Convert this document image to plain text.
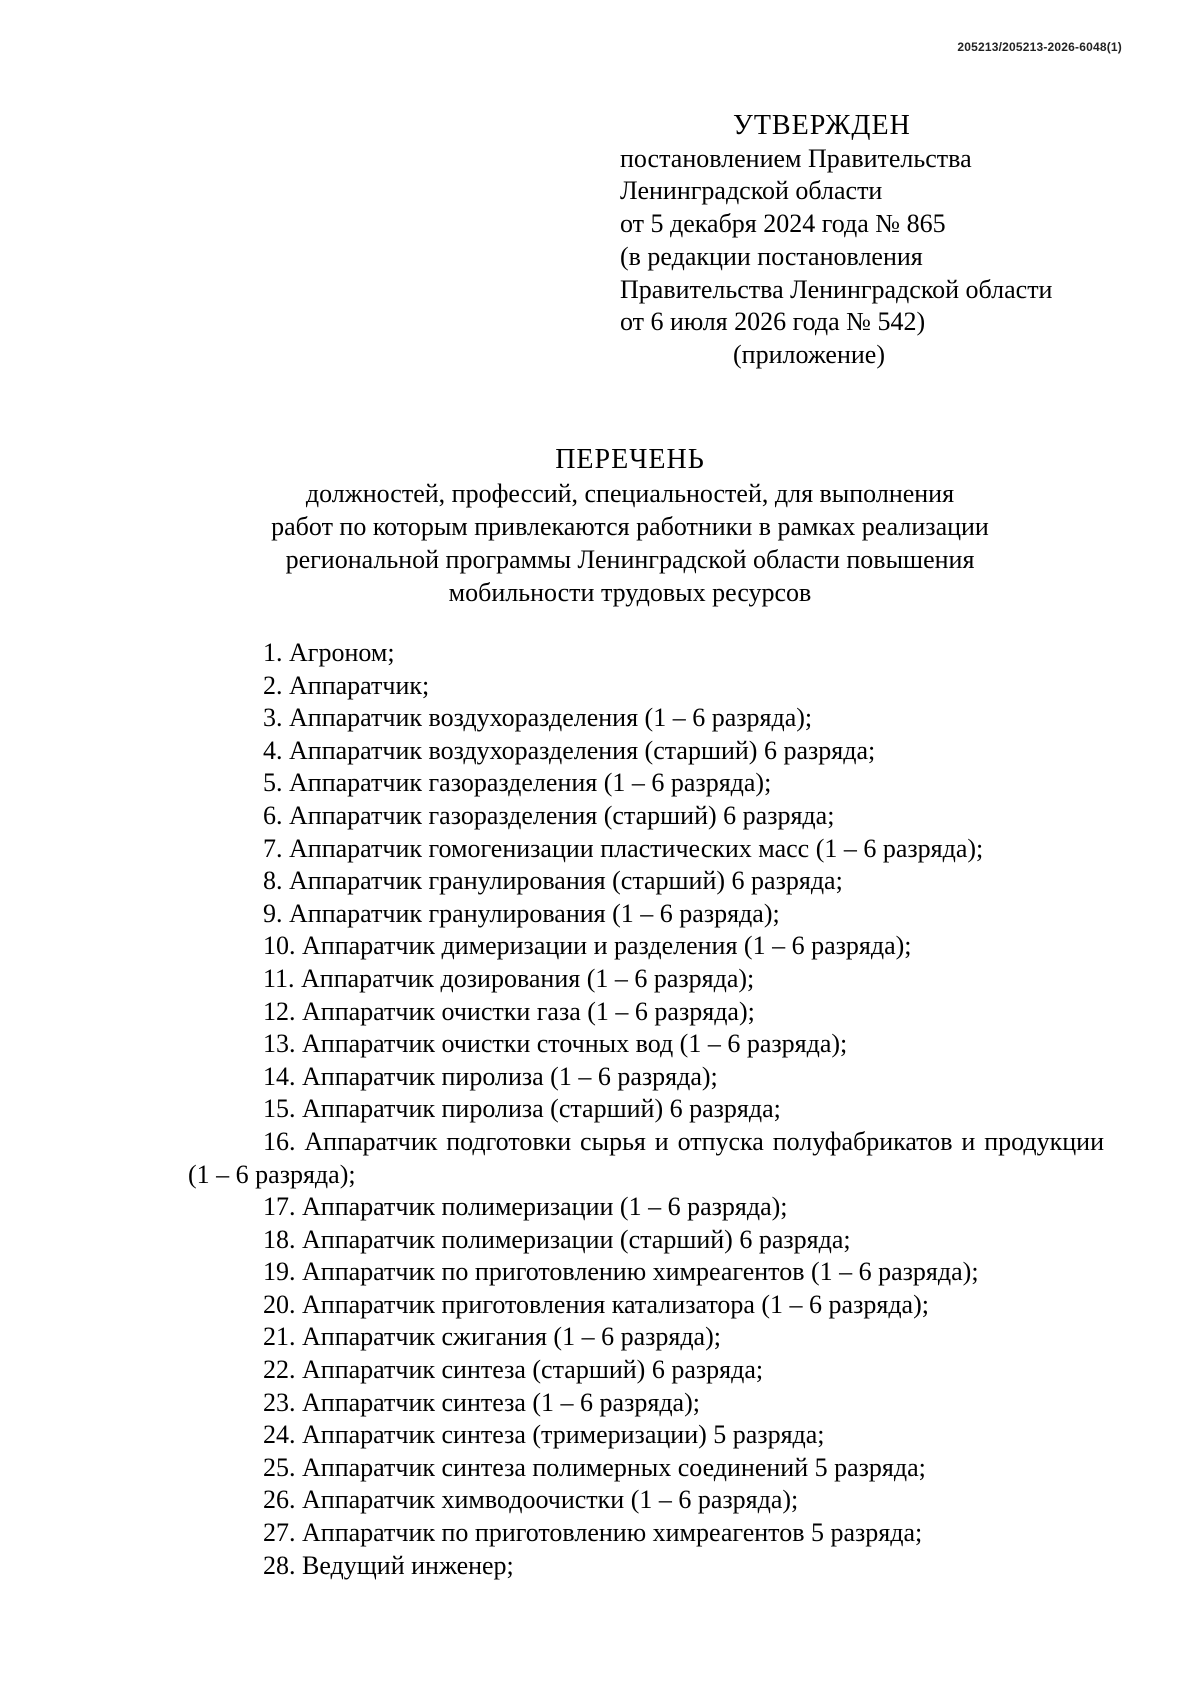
205213/205213-2026-6048(1)
УТВЕРЖДЕН
постановлением Правительства
Ленинградской области
от 5 декабря 2024 года № 865
(в редакции постановления
Правительства Ленинградской области
от 6 июля 2026 года № 542)
(приложение)
ПЕРЕЧЕНЬ
должностей, профессий, специальностей, для выполнения
работ по которым привлекаются работники в рамках реализации
региональной программы Ленинградской области повышения
мобильности трудовых ресурсов
1. Агроном;
2. Аппаратчик;
3. Аппаратчик воздухоразделения (1 – 6 разряда);
4. Аппаратчик воздухоразделения (старший) 6 разряда;
5. Аппаратчик газоразделения (1 – 6 разряда);
6. Аппаратчик газоразделения (старший) 6 разряда;
7. Аппаратчик гомогенизации пластических масс (1 – 6 разряда);
8. Аппаратчик гранулирования (старший) 6 разряда;
9. Аппаратчик гранулирования (1 – 6 разряда);
10. Аппаратчик димеризации и разделения (1 – 6 разряда);
11. Аппаратчик дозирования (1 – 6 разряда);
12. Аппаратчик очистки газа (1 – 6 разряда);
13. Аппаратчик очистки сточных вод (1 – 6 разряда);
14. Аппаратчик пиролиза (1 – 6 разряда);
15. Аппаратчик пиролиза (старший) 6 разряда;
16. Аппаратчик подготовки сырья и отпуска полуфабрикатов и продукции (1 – 6 разряда);
17. Аппаратчик полимеризации (1 – 6 разряда);
18. Аппаратчик полимеризации (старший) 6 разряда;
19. Аппаратчик по приготовлению химреагентов (1 – 6 разряда);
20. Аппаратчик приготовления катализатора (1 – 6 разряда);
21. Аппаратчик сжигания (1 – 6 разряда);
22. Аппаратчик синтеза (старший) 6 разряда;
23. Аппаратчик синтеза (1 – 6 разряда);
24. Аппаратчик синтеза (тримеризации) 5 разряда;
25. Аппаратчик синтеза полимерных соединений 5 разряда;
26. Аппаратчик химводоочистки (1 – 6 разряда);
27. Аппаратчик по приготовлению химреагентов 5 разряда;
28. Ведущий инженер;
